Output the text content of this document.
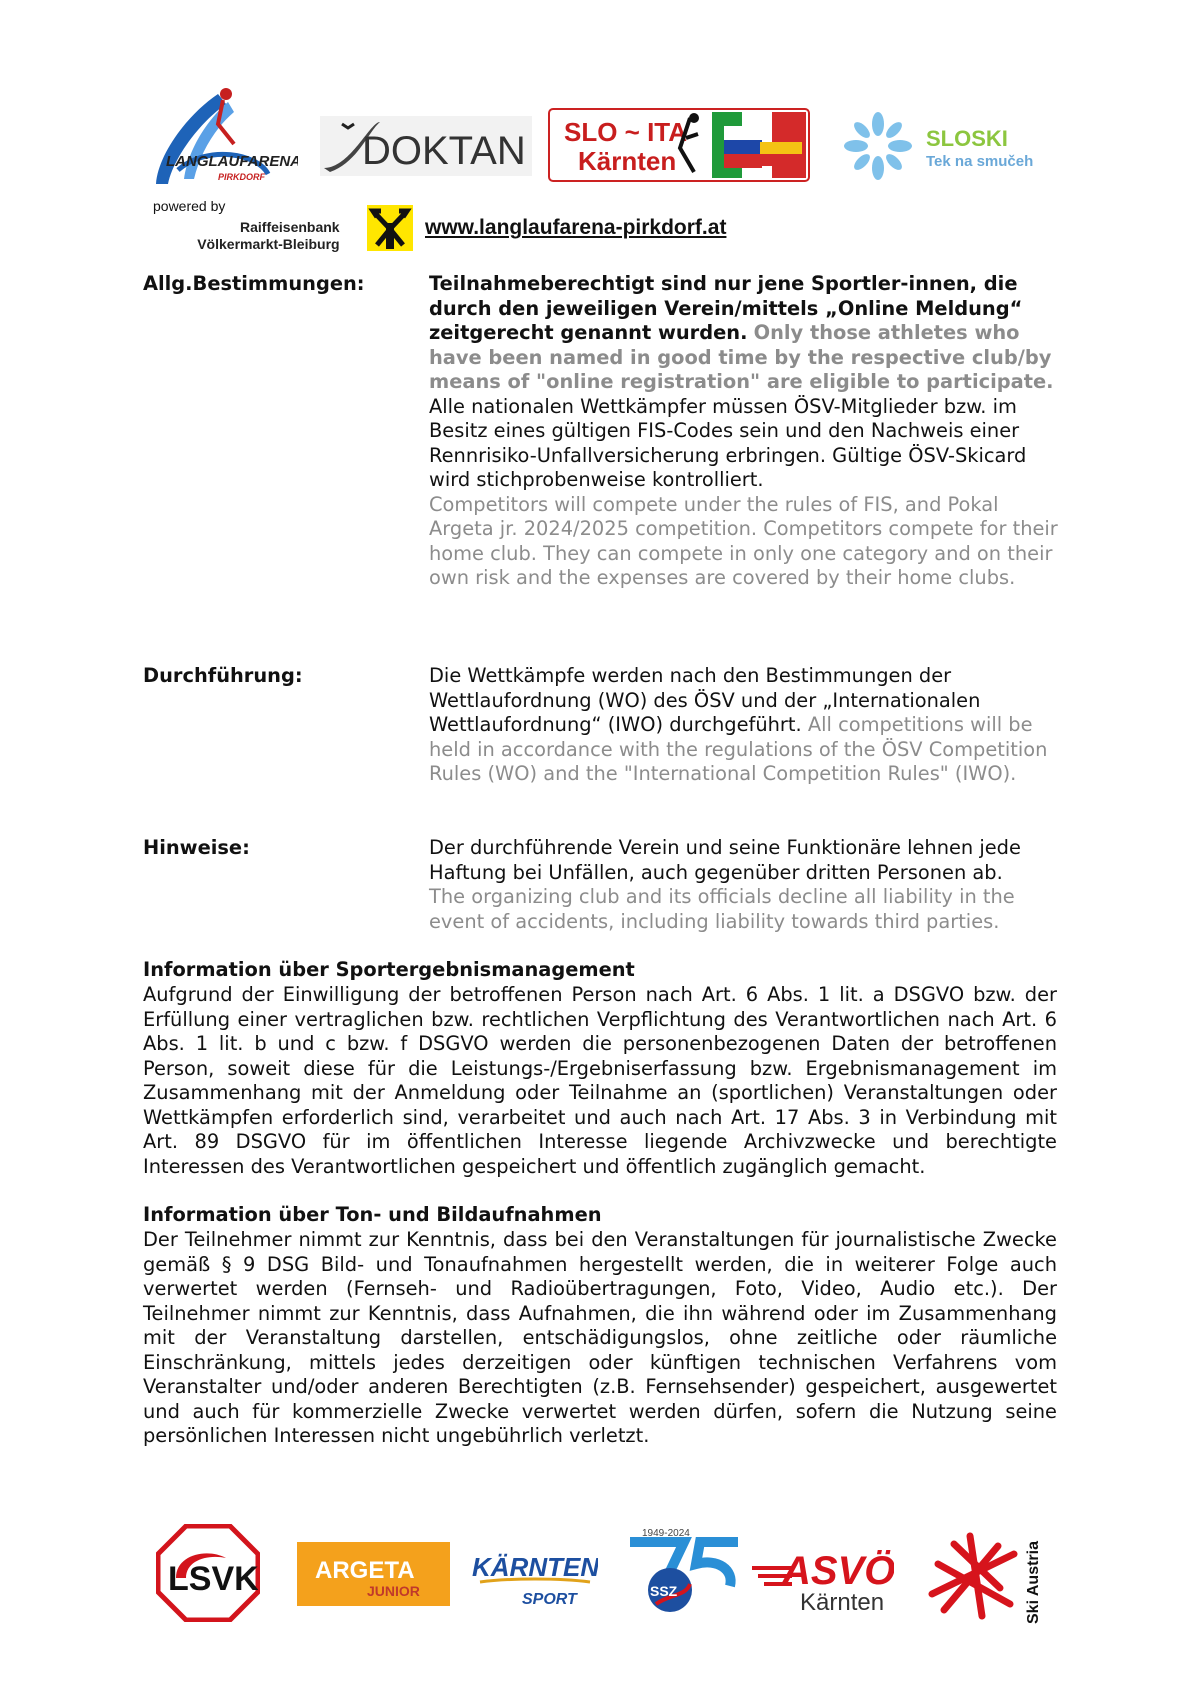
LANGLAUFARENA
PIRKDORF
DOKTAN SLO ~ ITA
Kärnten
SLOSKI
Tek na smučeh
powered by
Raiffeisenbank
Völkermarkt-Bleiburg
www.langlaufarena-pirkdorf.at
Allg.Bestimmungen:	Teilnahmeberechtigt sind nur jene Sportler-innen, die durch den jeweiligen Verein/mittels „Online Meldung“ zeitgerecht genannt wurden. Only those athletes who have been named in good time by the respective club/by means of "online registration" are eligible to participate.
Alle nationalen Wettkämpfer müssen ÖSV-Mitglieder bzw. im Besitz eines gültigen FIS-Codes sein und den Nachweis einer Rennrisiko-Unfallversicherung erbringen. Gültige ÖSV-Skicard wird stichprobenweise kontrolliert.
Competitors will compete under the rules of FIS, and Pokal Argeta jr. 2024/2025 competition. Competitors compete for their home club. They can compete in only one category and on their own risk and the expenses are covered by their home clubs.

Durchführung:	Die Wettkämpfe werden nach den Bestimmungen der Wettlaufordnung (WO) des ÖSV und der „Internationalen Wettlaufordnung“ (IWO) durchgeführt. All competitions will be held in accordance with the regulations of the ÖSV Competition Rules (WO) and the "International Competition Rules" (IWO).

Hinweise:	Der durchführende Verein und seine Funktionäre lehnen jede Haftung bei Unfällen, auch gegenüber dritten Personen ab.
The organizing club and its officials decline all liability in the event of accidents, including liability towards third parties.

Information über Sportergebnismanagement

Aufgrund der Einwilligung der betroffenen Person nach Art. 6 Abs. 1 lit. a DSGVO bzw. der Erfüllung einer vertraglichen bzw. rechtlichen Verpflichtung des Verantwortlichen nach Art. 6 Abs. 1 lit. b und c bzw. f DSGVO werden die personenbezogenen Daten der betroffenen Person, soweit diese für die Leistungs-/Ergebniserfassung bzw. Ergebnismanagement im Zusammenhang mit der Anmeldung oder Teilnahme an (sportlichen) Veranstaltungen oder Wettkämpfen erforderlich sind, verarbeitet und auch nach Art. 17 Abs. 3 in Verbindung mit Art. 89 DSGVO für im öffentlichen Interesse liegende Archivzwecke und berechtigte Interessen des Verantwortlichen gespeichert und öffentlich zugänglich gemacht.

Information über Ton- und Bildaufnahmen

Der Teilnehmer nimmt zur Kenntnis, dass bei den Veranstaltungen für journalistische Zwecke gemäß § 9 DSG Bild- und Tonaufnahmen hergestellt werden, die in weiterer Folge auch verwertet werden (Fernseh- und Radioübertragungen, Foto, Video, Audio etc.). Der Teilnehmer nimmt zur Kenntnis, dass Aufnahmen, die ihn während oder im Zusammenhang mit der Veranstaltung darstellen, entschädigungslos, ohne zeitliche oder räumliche Einschränkung, mittels jedes derzeitigen oder künftigen technischen Verfahrens vom Veranstalter und/oder anderen Berechtigten (z.B. Fernsehsender) gespeichert, ausgewertet und auch für kommerzielle Zwecke verwertet werden dürfen, sofern die Nutzung seine persönlichen Interessen nicht ungebührlich verletzt.

LSVK ARGETA
JUNIOR
KÄRNTEN
SPORT
1949-2024
SSZ	ASVÖ
Kärnten	Ski Austria
